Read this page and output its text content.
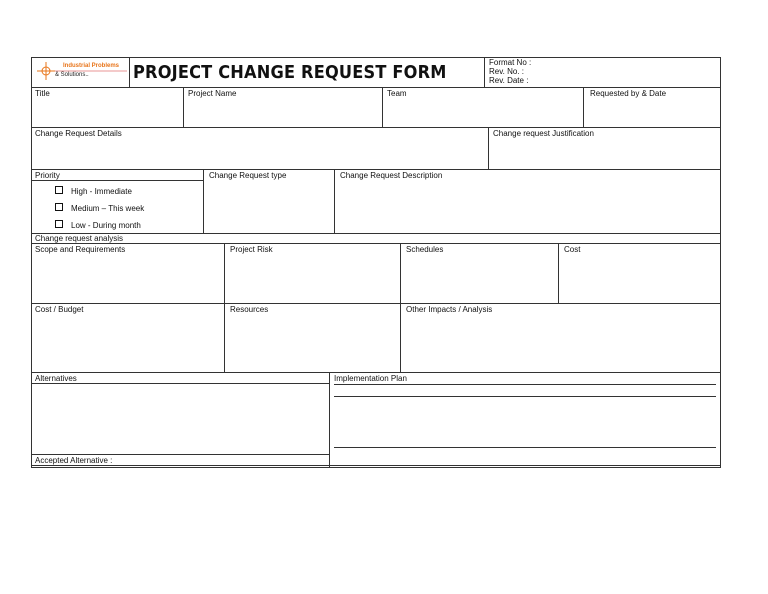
Industrial Problems
& Solutions.. PROJECT CHANGE REQUEST FORM	Format No :
Rev. No. :
Rev. Date :
Title	Project Name	Team	Requested by & Date
Change Request Details	Change request Justification
Priority
High - Immediate
Medium – This week
Low - During month
Change Request type	Change Request Description
Change request analysis
Scope and Requirements	Project Risk	Schedules	Cost
Cost / Budget	Resources	Other Impacts / Analysis
Alternatives	Implementation Plan
Accepted Alternative :
